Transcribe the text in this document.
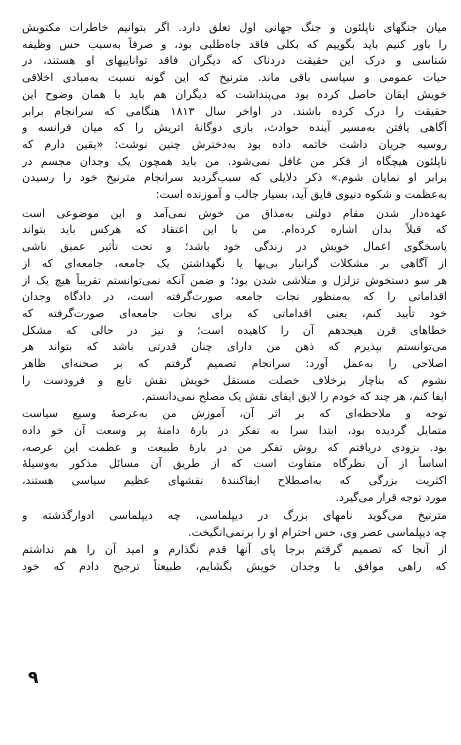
میان جنگهای ناپلئون و جنگ جهانی اول تعلق دارد. اگر بتوانیم خاطرات مکتوبش
را باور کنیم باید بگوییم که بکلی فاقد جاه‌طلبی بود، و صرفاً به‌سبب حس وظیفه‌
شناسی و درک این حقیقت دردناک که دیگران فاقد تواناییهای او هستند، در
حیات عمومی و سیاسی باقی ماند. مترنیخ که این گونه نسبت به‌مبادی اخلاقی
خویش ایقان حاصل کرده بود می‌پنداشت که دیگران هم باید با همان وضوح این
حقیقت را درک کرده باشند. در اواخر سال ۱۸۱۳ هنگامی که سرانجام برابر
آگاهی یافتن به‌مسیر آینده حوادث، بازی دوگانهٔ اتریش را که میان فرانسه و
روسیه جریان داشت خاتمه داده بود به‌دخترش چنین نوشت: «یقین دارم که
ناپلئون هیچگاه از فکر من غافل نمی‌شود. من باید همچون یک وجدان مجسم در
برابر او نمایان شوم.» ذکر دلایلی که سبب‌گردید سرانجام مترنیخ خود را رسیدن
به‌عظمت و شکوه دنیوی فایق آید، بسیار جالب و آموزنده است:
عهده‌دار شدن مقام دولتی به‌مذاق من خوش نمی‌آمد و این موضوعی است
که قبلاً بدان اشاره کرده‌ام. من با این اعتقاد که هرکس باید بتواند
پاسخگوی اعمال خویش در زندگی خود باشد؛ و تحت تأثیر عمیق ناشی
از آگاهی بر مشکلات گرانبار بی‌بها یا نگهداشتن یک جامعه، جامعه‌ای که از
هر سو دستخوش تزلزل و متلاشی شدن بود؛ و ضمن آنکه نمی‌توانستم تقریباً هیچ یک از
اقداماتی را که به‌منظور نجات جامعه صورت‌گرفته است، در دادگاه وجدان
خود تأیید کنم، یعنی اقداماتی که برای نجات جامعه‌ای صورت‌گرفته که
خطاهای قرن هیجدهم آن را کاهیده است؛ و نیز در حالی که مشکل
می‌توانستم بپذیرم که ذهن من دارای چنان قدرتی باشد که بتواند هر
اصلاحی را به‌عمل آورد: سرانجام تصمیم گرفتم که بر صحنه‌ای ظاهر
نشوم که بناچار برخلاف خصلت مستقل خویش نقش تابع و فرودست را
ایفا کنم، هر چند که خودم را لایق ایفای نقش یک مصلح نمی‌دانستم.
توجه و ملاحظه‌ای که بر اثر آن، آموزش من به‌عرصهٔ وسیع سیاست
متمایل گردیده بود، ابتدا سرا به تفکر در بارهٔ دامنهٔ پر وسعت آن خو داده
بود. بزودی دریافتم که روش تفکر من در بارهٔ طبیعت و عظمت این عرصه،
اساساً از آن نظرگاه متفاوت است که از طریق آن مسائل مذکور به‌وسیلهٔ
اکثریت بزرگی که به‌اصطلاح ایفاکنندهٔ نقشهای عظیم سیاسی هستند،
مورد توجه قرار می‌گیرد.
مترنیخ می‌گوید نامهای بزرگ در دیپلماسی، چه دیپلماسی ادوارگذشته و
چه دیپلماسی عصر وی، حس احترام او را برنمی‌انگیخت.
از آنجا که تصمیم گرفتم برجا پای آنها قدم نگذارم و امید آن را هم نداشتم
که راهی موافق با وجدان خویش بگشایم، طبیعتاً ترجیح دادم که خود
۹
